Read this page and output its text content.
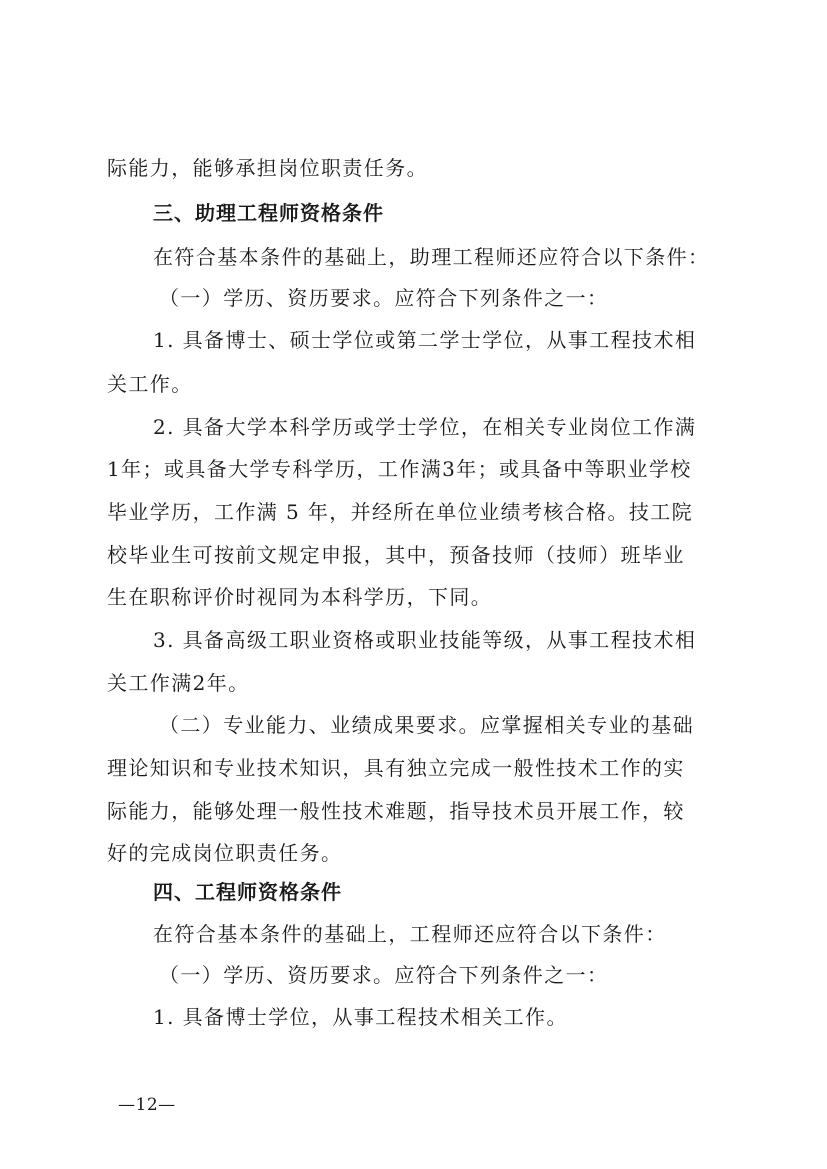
际能力，能够承担岗位职责任务。
三、助理工程师资格条件
在符合基本条件的基础上，助理工程师还应符合以下条件：
（一）学历、资历要求。应符合下列条件之一：
1. 具备博士、硕士学位或第二学士学位，从事工程技术相
关工作。
2. 具备大学本科学历或学士学位，在相关专业岗位工作满
1年；或具备大学专科学历，工作满3年；或具备中等职业学校
毕业学历，工作满 5 年，并经所在单位业绩考核合格。技工院
校毕业生可按前文规定申报，其中，预备技师（技师）班毕业
生在职称评价时视同为本科学历，下同。
3. 具备高级工职业资格或职业技能等级，从事工程技术相
关工作满2年。
（二）专业能力、业绩成果要求。应掌握相关专业的基础
理论知识和专业技术知识，具有独立完成一般性技术工作的实
际能力，能够处理一般性技术难题，指导技术员开展工作，较
好的完成岗位职责任务。
四、工程师资格条件
在符合基本条件的基础上，工程师还应符合以下条件：
（一）学历、资历要求。应符合下列条件之一：
1. 具备博士学位，从事工程技术相关工作。
—12—
